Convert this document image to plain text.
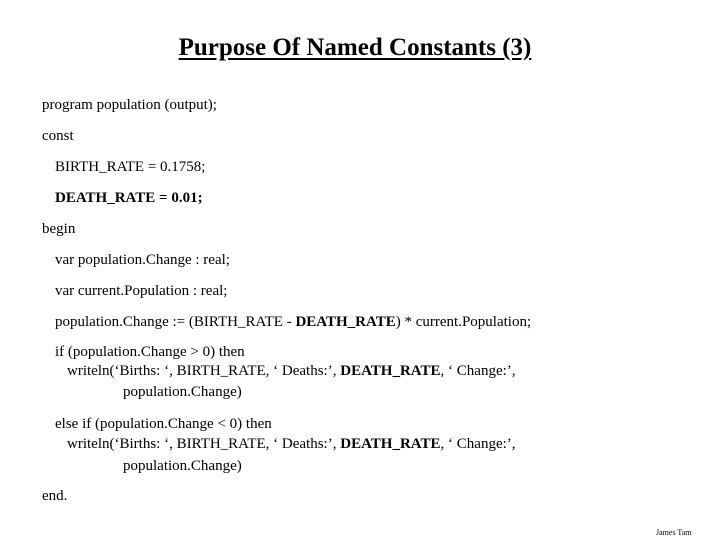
Purpose Of Named Constants (3)
program population (output);
const
BIRTH_RATE = 0.1758;
DEATH_RATE = 0.01;
begin
var population.Change : real;
var current.Population : real;
population.Change := (BIRTH_RATE - DEATH_RATE) * current.Population;
if (population.Change > 0) then
writeln(‘Births: ‘, BIRTH_RATE, ‘ Deaths:’, DEATH_RATE, ‘ Change:’,
population.Change)
else if (population.Change < 0) then
writeln(‘Births: ‘, BIRTH_RATE, ‘ Deaths:’, DEATH_RATE, ‘ Change:’,
population.Change)
end.
James Tam
